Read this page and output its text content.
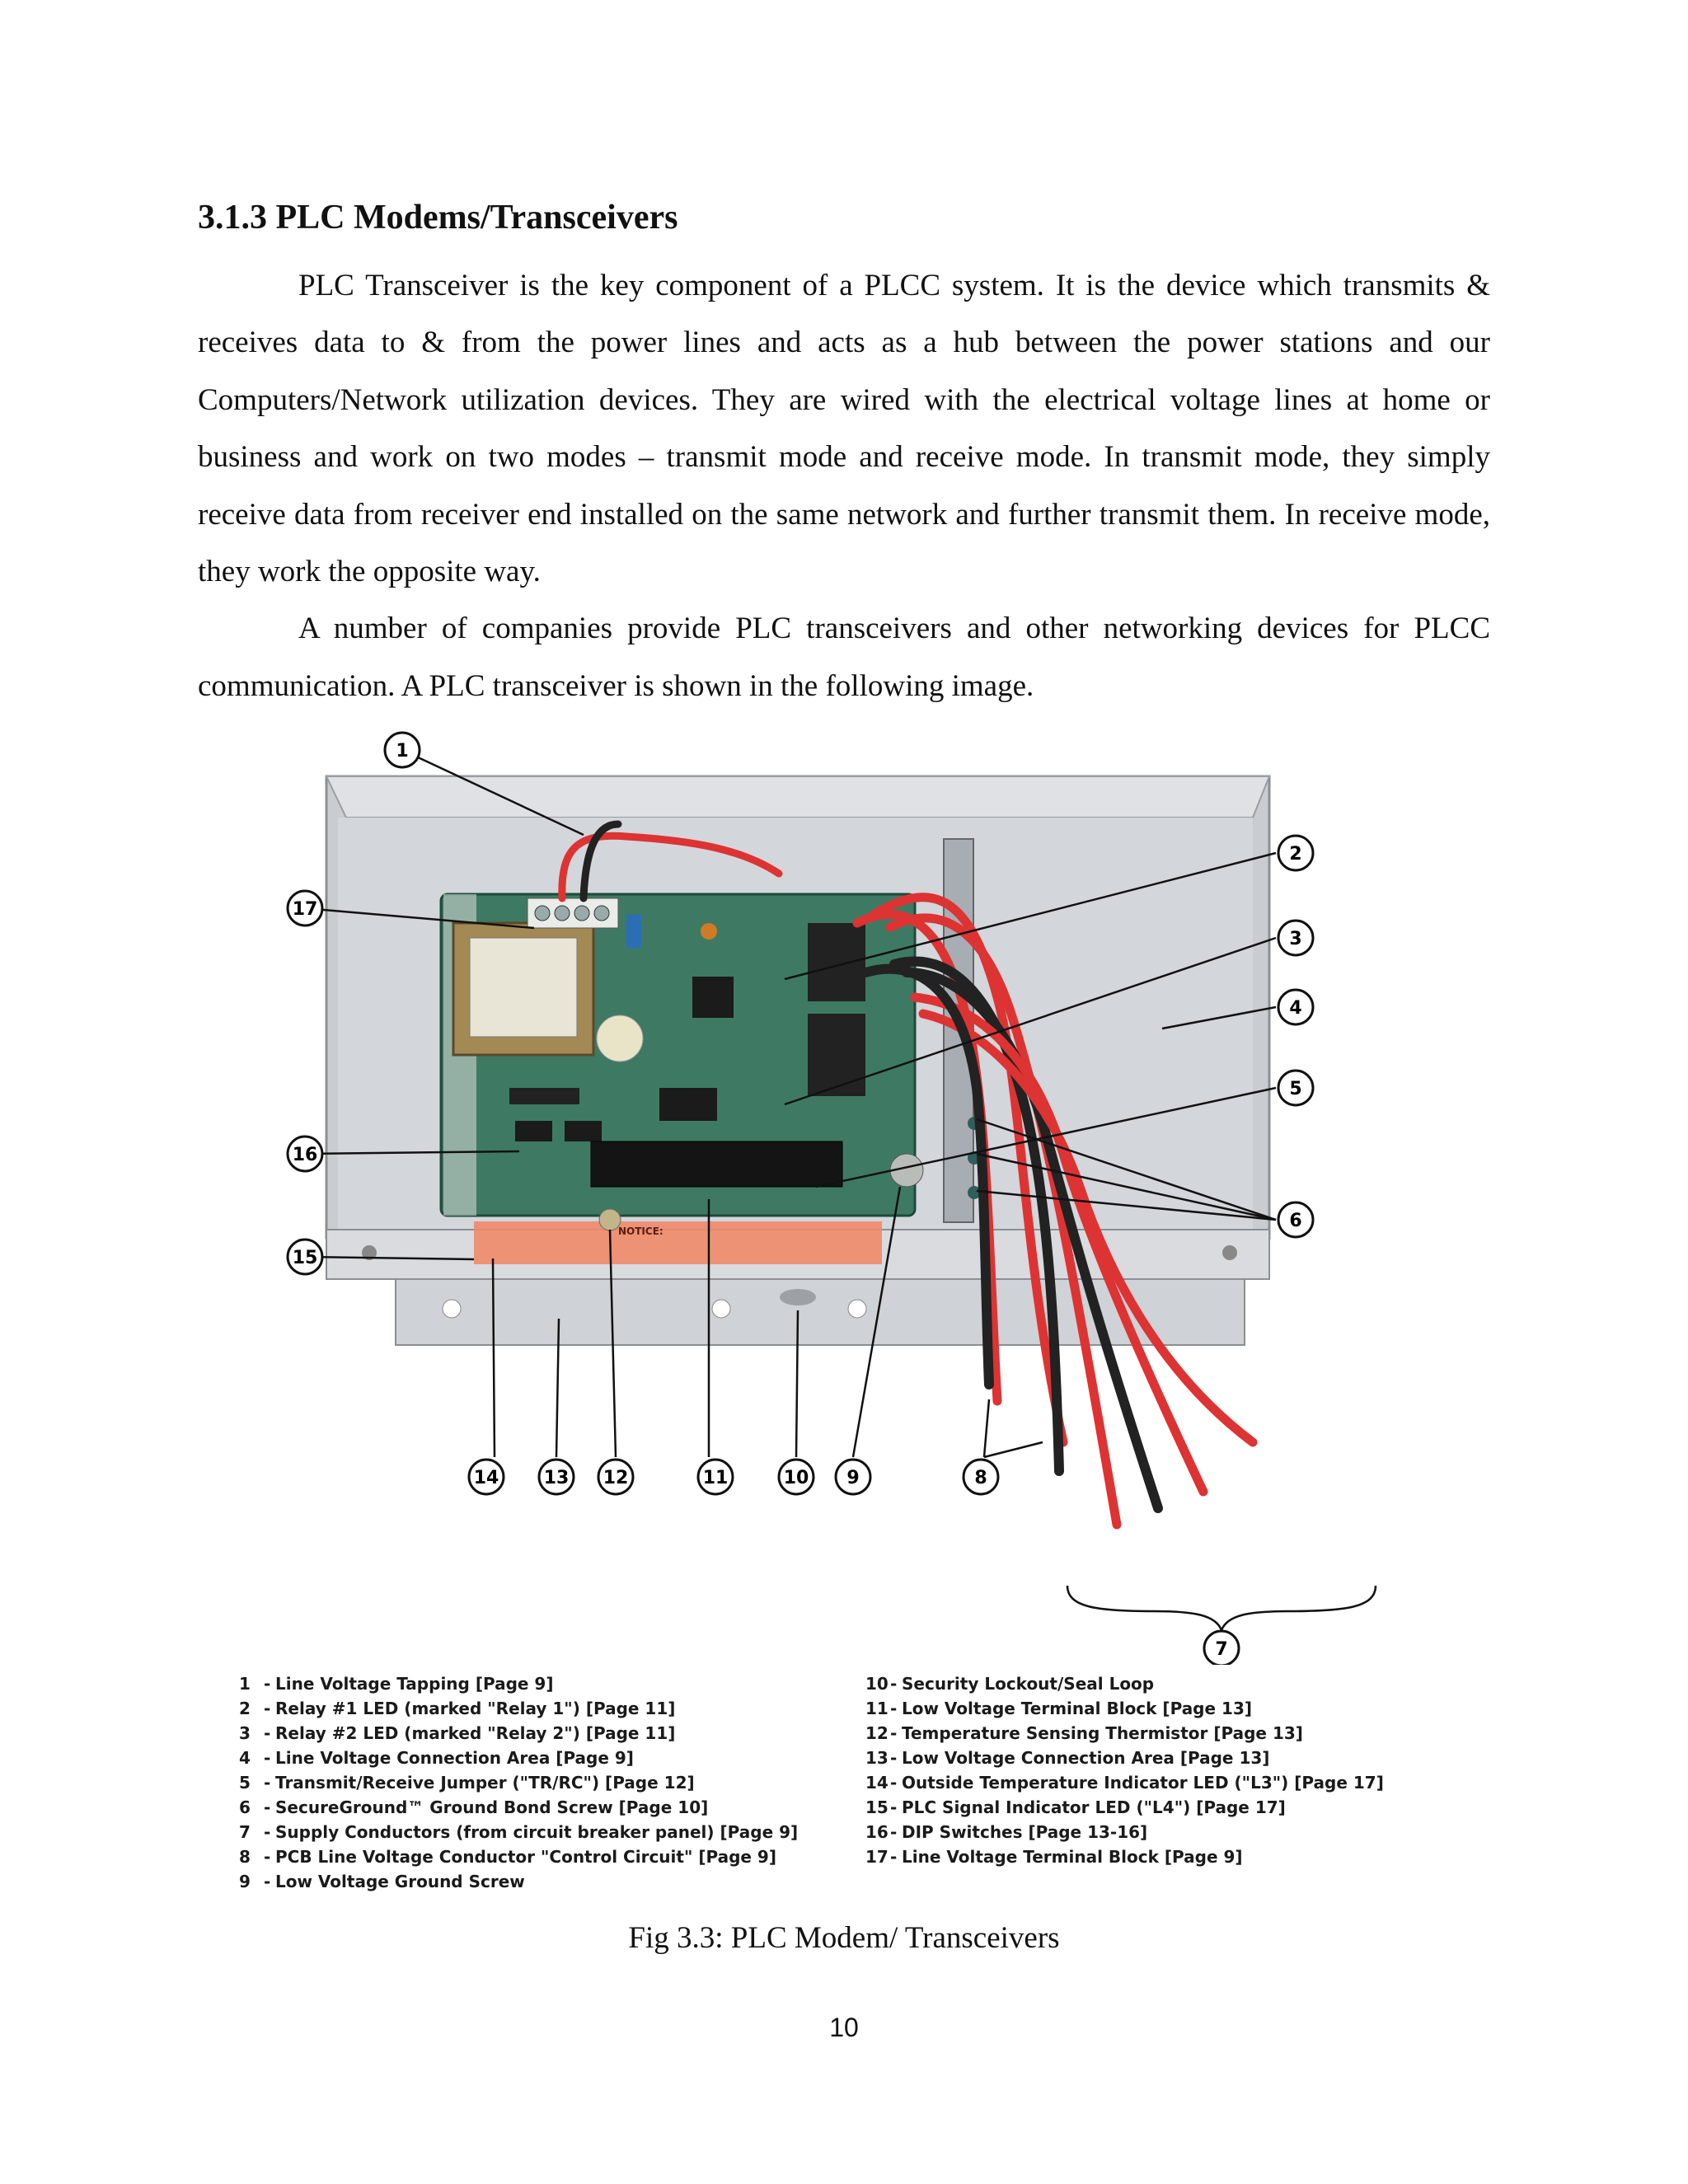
3.1.3 PLC Modems/Transceivers

PLC Transceiver is the key component of a PLCC system. It is the device which transmits & receives data to & from the power lines and acts as a hub between the power stations and our Computers/Network utilization devices. They are wired with the electrical voltage lines at home or business and work on two modes – transmit mode and receive mode. In transmit mode, they simply receive data from receiver end installed on the same network and further transmit them. In receive mode, they work the opposite way.

A number of companies provide PLC transceivers and other networking devices for PLCC communication. A PLC transceiver is shown in the following image.

NOTICE:
1
2
3
4
5
6
7
8
9
10
11
12
13
14
15
16
17
1 - Line Voltage Tapping [Page 9]
2 - Relay #1 LED (marked "Relay 1") [Page 11]
3 - Relay #2 LED (marked "Relay 2") [Page 11]
4 - Line Voltage Connection Area [Page 9]
5 - Transmit/Receive Jumper ("TR/RC") [Page 12]
6 - SecureGround™ Ground Bond Screw [Page 10]
7 - Supply Conductors (from circuit breaker panel) [Page 9]
8 - PCB Line Voltage Conductor "Control Circuit" [Page 9]
9 - Low Voltage Ground Screw
10 - Security Lockout/Seal Loop
11 - Low Voltage Terminal Block [Page 13]
12 - Temperature Sensing Thermistor [Page 13]
13 - Low Voltage Connection Area [Page 13]
14 - Outside Temperature Indicator LED ("L3") [Page 17]
15 - PLC Signal Indicator LED ("L4") [Page 17]
16 - DIP Switches [Page 13-16]
17 - Line Voltage Terminal Block [Page 9]
Fig 3.3: PLC Modem/ Transceivers
10
